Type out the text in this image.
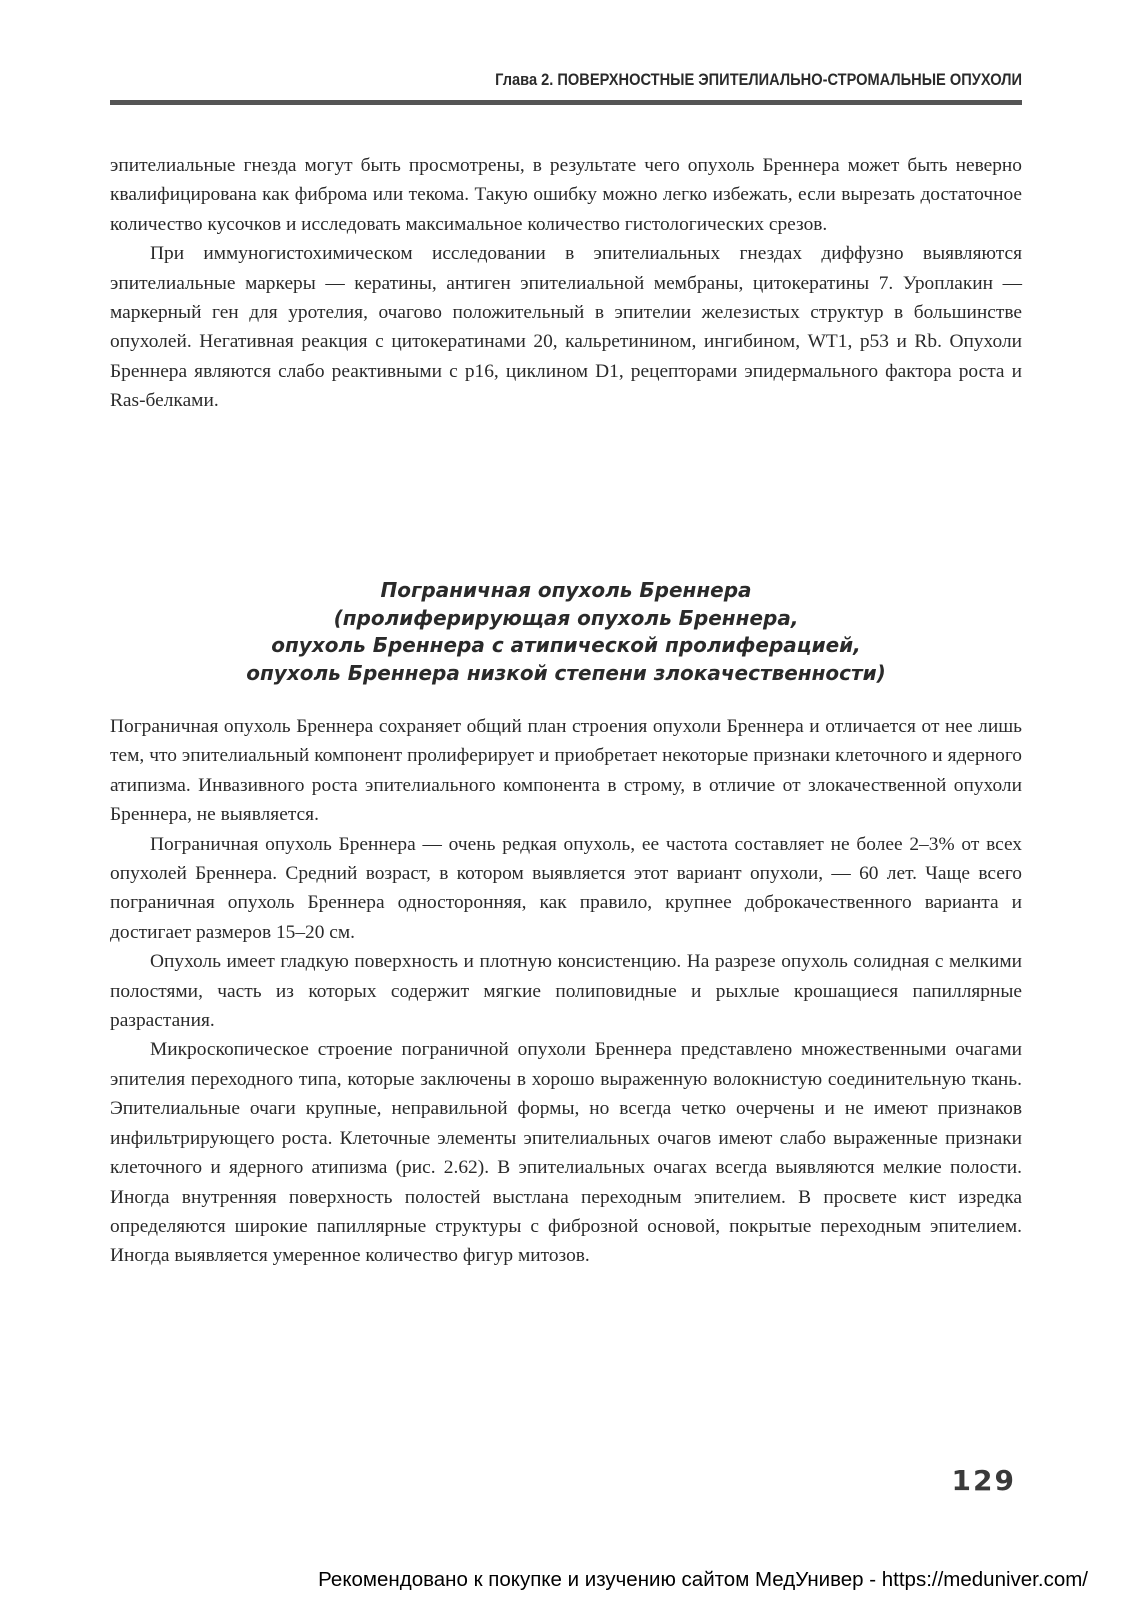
Глава 2. ПОВЕРХНОСТНЫЕ ЭПИТЕЛИАЛЬНО-СТРОМАЛЬНЫЕ ОПУХОЛИ

эпителиальные гнезда могут быть просмотрены, в результате чего опухоль Бреннера может быть неверно квалифицирована как фиброма или текома. Такую ошибку можно легко избежать, если вырезать достаточное количество кусочков и исследовать максимальное количество гистологических срезов.

При иммуногистохимическом исследовании в эпителиальных гнездах диффузно выявляются эпителиальные маркеры — кератины, антиген эпителиальной мембраны, цитокератины 7. Уроплакин — маркерный ген для уротелия, очагово положительный в эпителии железистых структур в большинстве опухолей. Негативная реакция с цитокератинами 20, кальретинином, ингибином, WT1, p53 и Rb. Опухоли Бреннера являются слабо реактивными с p16, циклином D1, рецепторами эпидермального фактора роста и Ras-белками.

Пограничная опухоль Бреннера
(пролиферирующая опухоль Бреннера,
опухоль Бреннера с атипической пролиферацией,
опухоль Бреннера низкой степени злокачественности)

Пограничная опухоль Бреннера сохраняет общий план строения опухоли Бреннера и отличается от нее лишь тем, что эпителиальный компонент пролиферирует и приобретает некоторые признаки клеточного и ядерного атипизма. Инвазивного роста эпителиального компонента в строму, в отличие от злокачественной опухоли Бреннера, не выявляется.

Пограничная опухоль Бреннера — очень редкая опухоль, ее частота составляет не более 2–3% от всех опухолей Бреннера. Средний возраст, в котором выявляется этот вариант опухоли, — 60 лет. Чаще всего пограничная опухоль Бреннера односторонняя, как правило, крупнее доброкачественного варианта и достигает размеров 15–20 см.

Опухоль имеет гладкую поверхность и плотную консистенцию. На разрезе опухоль солидная с мелкими полостями, часть из которых содержит мягкие полиповидные и рыхлые крошащиеся папиллярные разрастания.

Микроскопическое строение пограничной опухоли Бреннера представлено множественными очагами эпителия переходного типа, которые заключены в хорошо выраженную волокнистую соединительную ткань. Эпителиальные очаги крупные, неправильной формы, но всегда четко очерчены и не имеют признаков инфильтрирующего роста. Клеточные элементы эпителиальных очагов имеют слабо выраженные признаки клеточного и ядерного атипизма (рис. 2.62). В эпителиальных очагах всегда выявляются мелкие полости. Иногда внутренняя поверхность полостей выстлана переходным эпителием. В просвете кист изредка определяются широкие папиллярные структуры с фиброзной основой, покрытые переходным эпителием. Иногда выявляется умеренное количество фигур митозов.

129
Рекомендовано к покупке и изучению сайтом МедУнивер - https://meduniver.com/
